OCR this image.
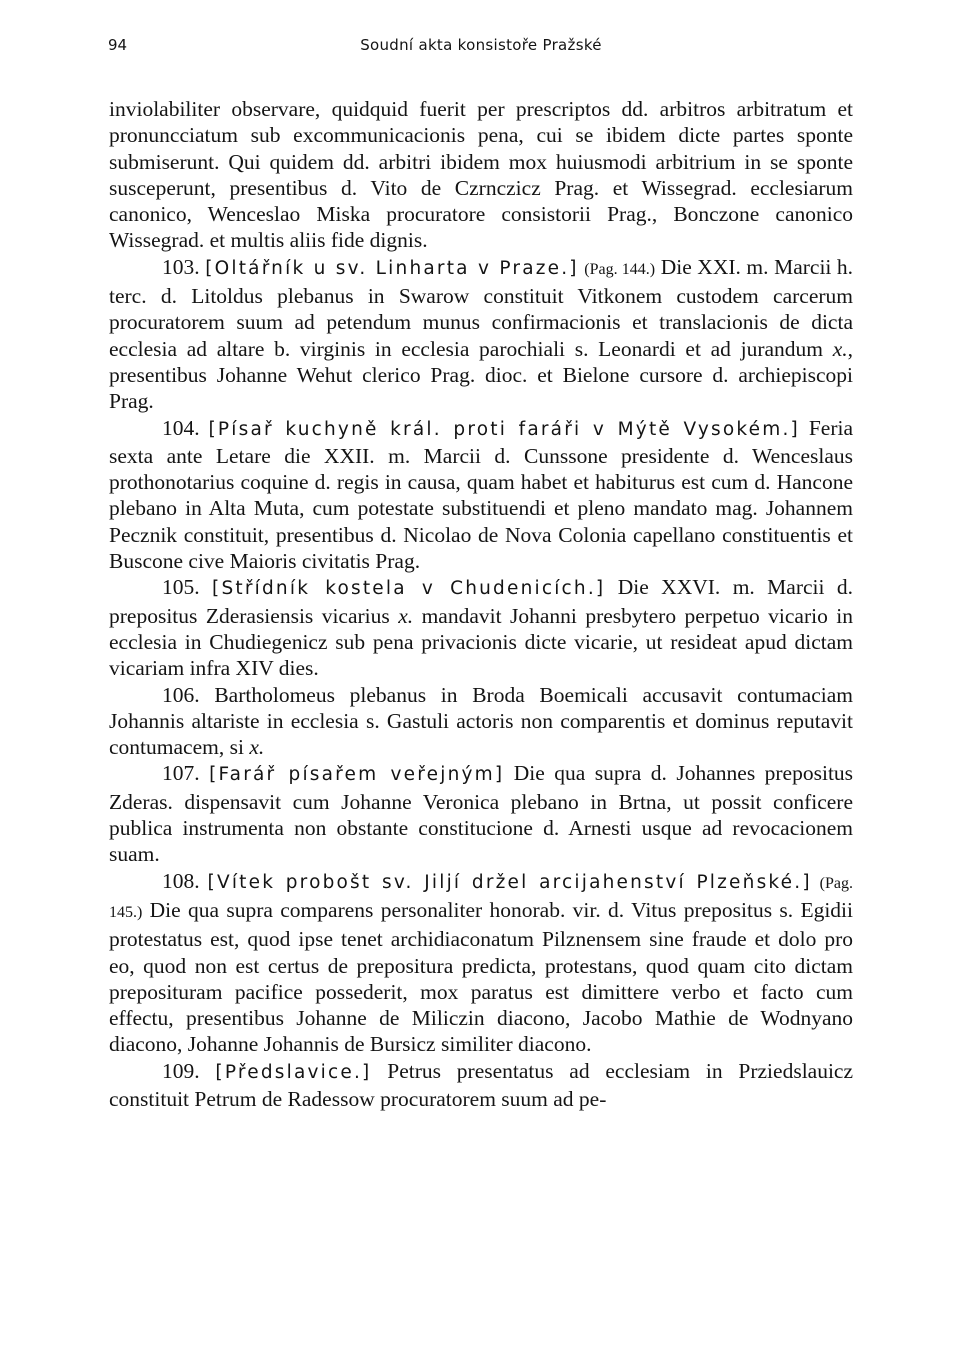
94	Soudní akta konsistoře Pražské

inviolabiliter observare, quidquid fuerit per prescriptos dd. arbitros arbitratum et pronuncciatum sub excommunicacionis pena, cui se ibidem dicte partes sponte submiserunt. Qui quidem dd. arbitri ibidem mox huiusmodi arbitrium in se sponte susceperunt, presentibus d. Vito de Czrnczicz Prag. et Wissegrad. ecclesiarum canonico, Wenceslao Miska procuratore consistorii Prag., Bonczone canonico Wissegrad. et multis aliis fide dignis.

103. [Oltářník u sv. Linharta v Praze.] (Pag. 144.) Die XXI. m. Marcii h. terc. d. Litoldus plebanus in Swarow constituit Vitkonem custodem carcerum procuratorem suum ad petendum munus confirmacionis et translacionis de dicta ecclesia ad altare b. virginis in ecclesia parochiali s. Leonardi et ad jurandum x., presentibus Johanne Wehut clerico Prag. dioc. et Bielone cursore d. archiepiscopi Prag.

104. [Písař kuchyně král. proti faráři v Mýtě Vysokém.] Feria sexta ante Letare die XXII. m. Marcii d. Cunssone presidente d. Wenceslaus prothonotarius coquine d. regis in causa, quam habet et habiturus est cum d. Hancone plebano in Alta Muta, cum potestate substituendi et pleno mandato mag. Johannem Pecznik constituit, presentibus d. Nicolao de Nova Colonia capellano constituentis et Buscone cive Maioris civitatis Prag.

105. [Střídník kostela v Chudenicích.] Die XXVI. m. Marcii d. prepositus Zderasiensis vicarius x. mandavit Johanni presbytero perpetuo vicario in ecclesia in Chudiegenicz sub pena privacionis dicte vicarie, ut resideat apud dictam vicariam infra XIV dies.

106. Bartholomeus plebanus in Broda Boemicali accusavit contumaciam Johannis altariste in ecclesia s. Gastuli actoris non comparentis et dominus reputavit contumacem, si x.

107. [Farář písařem veřejným] Die qua supra d. Johannes prepositus Zderas. dispensavit cum Johanne Veronica plebano in Brtna, ut possit conficere publica instrumenta non obstante constitucione d. Arnesti usque ad revocacionem suam.

108. [Vítek probošt sv. Jiljí držel arcijahenství Plzeňské.] (Pag. 145.) Die qua supra comparens personaliter honorab. vir. d. Vitus prepositus s. Egidii protestatus est, quod ipse tenet archidiaconatum Pilznensem sine fraude et dolo pro eo, quod non est certus de prepositura predicta, protestans, quod quam cito dictam preposituram pacifice possederit, mox paratus est dimittere verbo et facto cum effectu, presentibus Johanne de Miliczin diacono, Jacobo Mathie de Wodnyano diacono, Johanne Johannis de Bursicz similiter diacono.

109. [Předslavice.] Petrus presentatus ad ecclesiam in Prziedslauicz constituit Petrum de Radessow procuratorem suum ad pe-
